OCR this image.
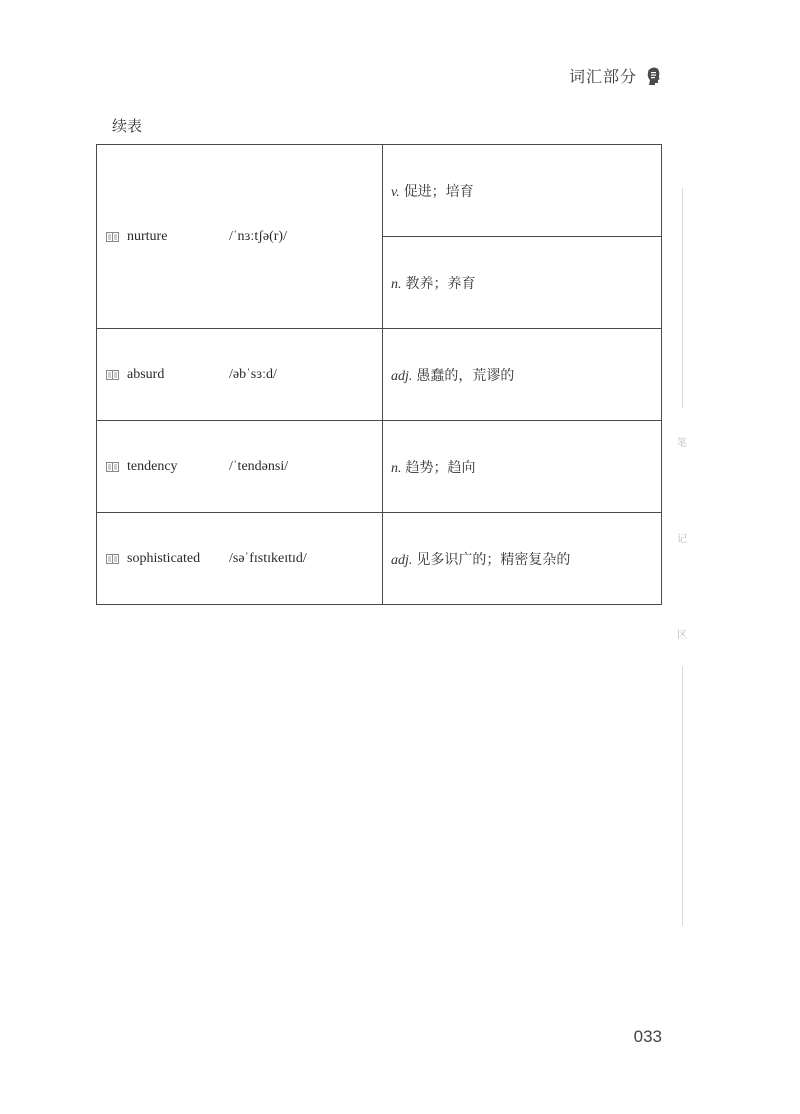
词汇部分
续表
nurture /ˈnɜːtʃə(r)/	v. 促进；培育
	n. 教养；养育

absurd /əbˈsɜːd/	adj. 愚蠢的，荒谬的

tendency /ˈtendənsi/	n. 趋势；趋向

sophisticated /səˈfɪstɪkeɪtɪd/	adj. 见多识广的；精密复杂的
笔
记
区
033
